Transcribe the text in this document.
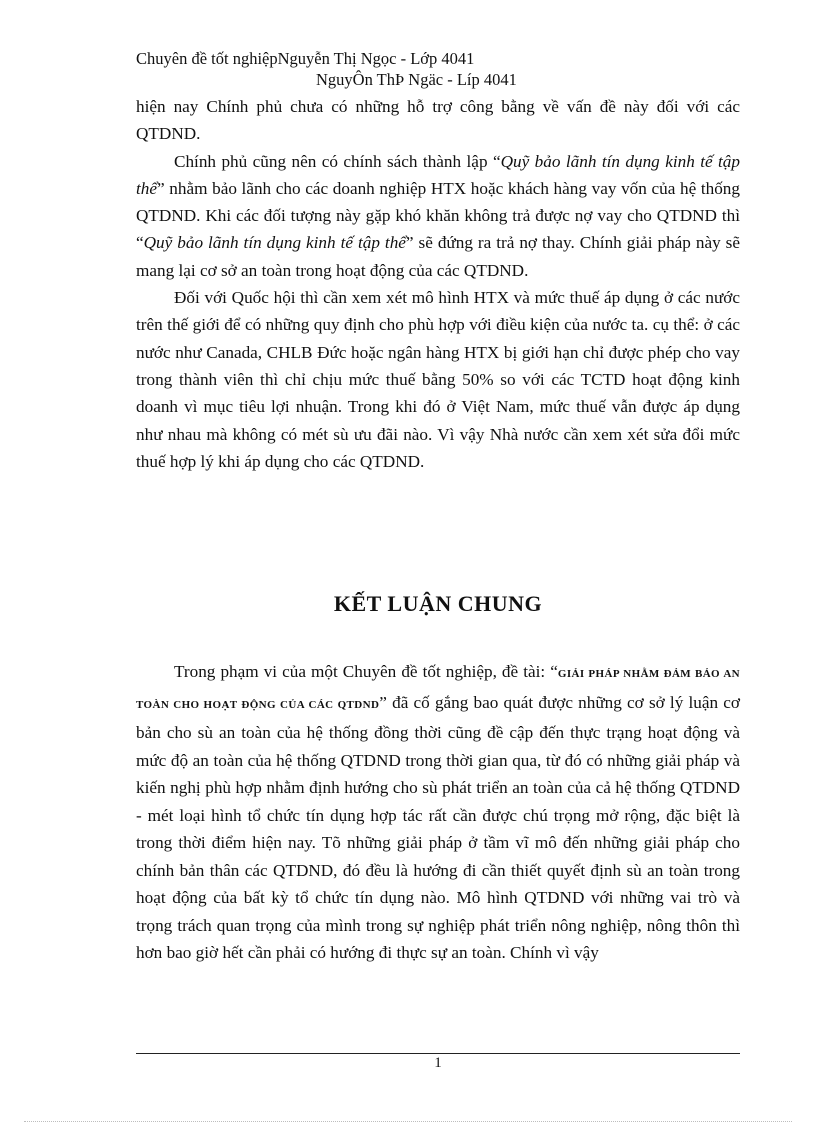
Chuyên đề tốt nghiệpNguyễn Thị Ngọc - Lớp 4041
NguyÔn ThÞ Ngäc - Líp 4041

hiện nay Chính phủ chưa có những hỗ trợ công bằng về vấn đề này đối với các QTDND.

Chính phủ cũng nên có chính sách thành lập “Quỹ bảo lãnh tín dụng kinh tế tập thể” nhằm bảo lãnh cho các doanh nghiệp HTX hoặc khách hàng vay vốn của hệ thống QTDND. Khi các đối tượng này gặp khó khăn không trả được nợ vay cho QTDND thì “Quỹ bảo lãnh tín dụng kinh tế tập thể” sẽ đứng ra trả nợ thay. Chính giải pháp này sẽ mang lại cơ sở an toàn trong hoạt động của các QTDND.

Đối với Quốc hội thì cần xem xét mô hình HTX và mức thuế áp dụng ở các nước trên thế giới để có những quy định cho phù hợp với điều kiện của nước ta. cụ thể: ở các nước như Canada, CHLB Đức hoặc ngân hàng HTX bị giới hạn chỉ được phép cho vay trong thành viên thì chỉ chịu mức thuế bằng 50% so với các TCTD hoạt động kinh doanh vì mục tiêu lợi nhuận. Trong khi đó ở Việt Nam, mức thuế vẫn được áp dụng như nhau mà không có mét sù ưu đãi nào. Vì vậy Nhà nước cần xem xét sửa đổi mức thuế hợp lý khi áp dụng cho các QTDND.

KẾT LUẬN CHUNG

Trong phạm vi của một Chuyên đề tốt nghiệp, đề tài: “GIẢI PHÁP NHẰM ĐẢM BẢO AN TOÀN CHO HOẠT ĐỘNG CỦA CÁC QTDND” đã cố gắng bao quát được những cơ sở lý luận cơ bản cho sù an toàn của hệ thống đồng thời cũng đề cập đến thực trạng hoạt động và mức độ an toàn của hệ thống QTDND trong thời gian qua, từ đó có những giải pháp và kiến nghị phù hợp nhằm định hướng cho sù phát triển an toàn của cả hệ thống QTDND - mét loại hình tổ chức tín dụng hợp tác rất cần được chú trọng mở rộng, đặc biệt là trong thời điểm hiện nay. Tõ những giải pháp ở tầm vĩ mô đến những giải pháp cho chính bản thân các QTDND, đó đều là hướng đi cần thiết quyết định sù an toàn trong hoạt động của bất kỳ tổ chức tín dụng nào. Mô hình QTDND với những vai trò và trọng trách quan trọng của mình trong sự nghiệp phát triển nông nghiệp, nông thôn thì hơn bao giờ hết cần phải có hướng đi thực sự an toàn. Chính vì vậy

1
